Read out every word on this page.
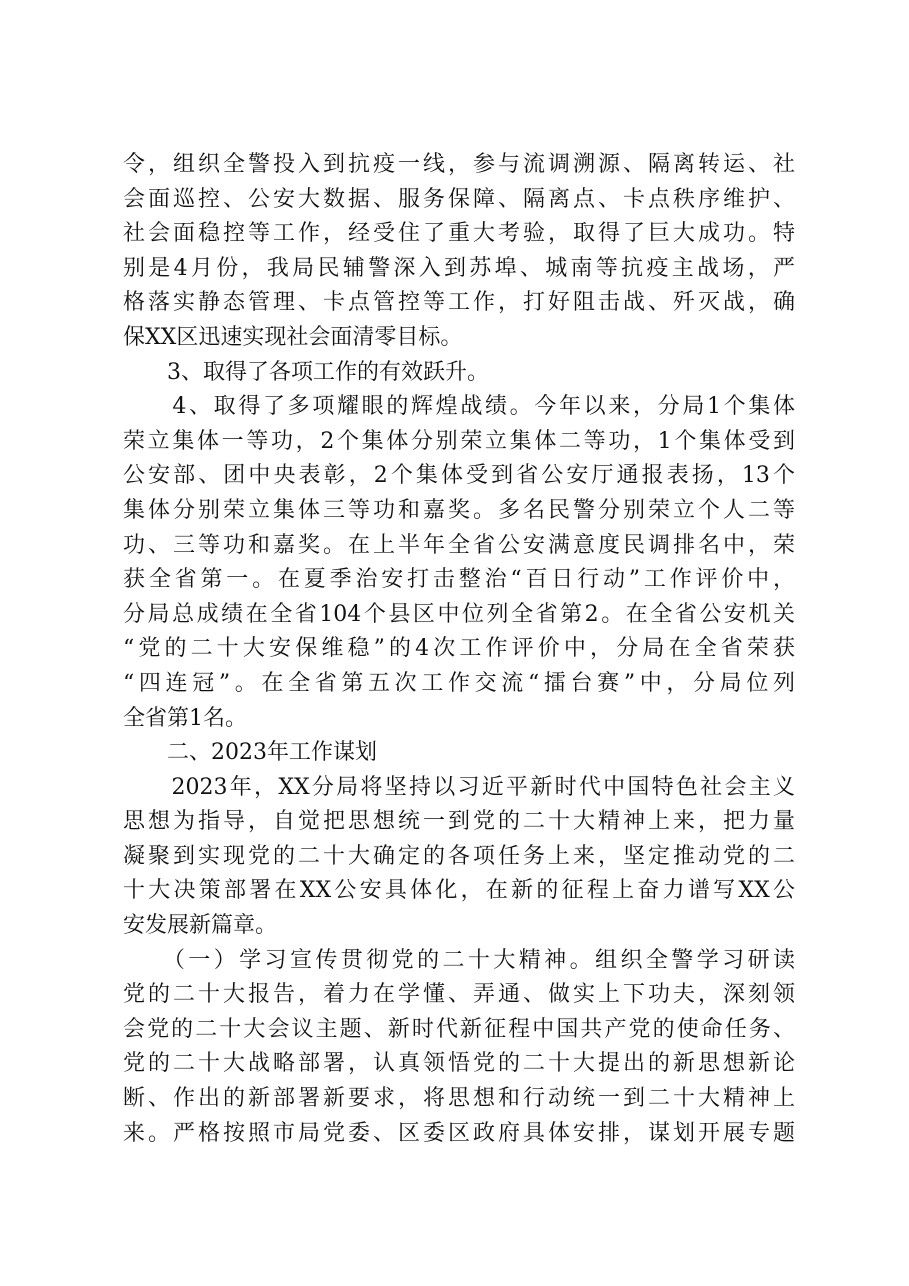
令，组织全警投入到抗疫一线，参与流调溯源、隔离转运、社
会面巡控、公安大数据、服务保障、隔离点、卡点秩序维护、
社会面稳控等工作，经受住了重大考验，取得了巨大成功。特
别是4月份，我局民辅警深入到苏埠、城南等抗疫主战场，严
格落实静态管理、卡点管控等工作，打好阻击战、歼灭战，确
保XX区迅速实现社会面清零目标。
　　3、取得了各项工作的有效跃升。
　　4、取得了多项耀眼的辉煌战绩。今年以来，分局1个集体
荣立集体一等功，2个集体分别荣立集体二等功，1个集体受到
公安部、团中央表彰，2个集体受到省公安厅通报表扬，13个
集体分别荣立集体三等功和嘉奖。多名民警分别荣立个人二等
功、三等功和嘉奖。在上半年全省公安满意度民调排名中，荣
获全省第一。在夏季治安打击整治“百日行动”工作评价中，
分局总成绩在全省104个县区中位列全省第2。在全省公安机关
“党的二十大安保维稳”的4次工作评价中，分局在全省荣获
“四连冠”。在全省第五次工作交流“擂台赛”中，分局位列
全省第1名。
　　二、2023年工作谋划
　　2023年，XX分局将坚持以习近平新时代中国特色社会主义
思想为指导，自觉把思想统一到党的二十大精神上来，把力量
凝聚到实现党的二十大确定的各项任务上来，坚定推动党的二
十大决策部署在XX公安具体化，在新的征程上奋力谱写XX公
安发展新篇章。
　　（一）学习宣传贯彻党的二十大精神。组织全警学习研读
党的二十大报告，着力在学懂、弄通、做实上下功夫，深刻领
会党的二十大会议主题、新时代新征程中国共产党的使命任务、
党的二十大战略部署，认真领悟党的二十大提出的新思想新论
断、作出的新部署新要求，将思想和行动统一到二十大精神上
来。严格按照市局党委、区委区政府具体安排，谋划开展专题
